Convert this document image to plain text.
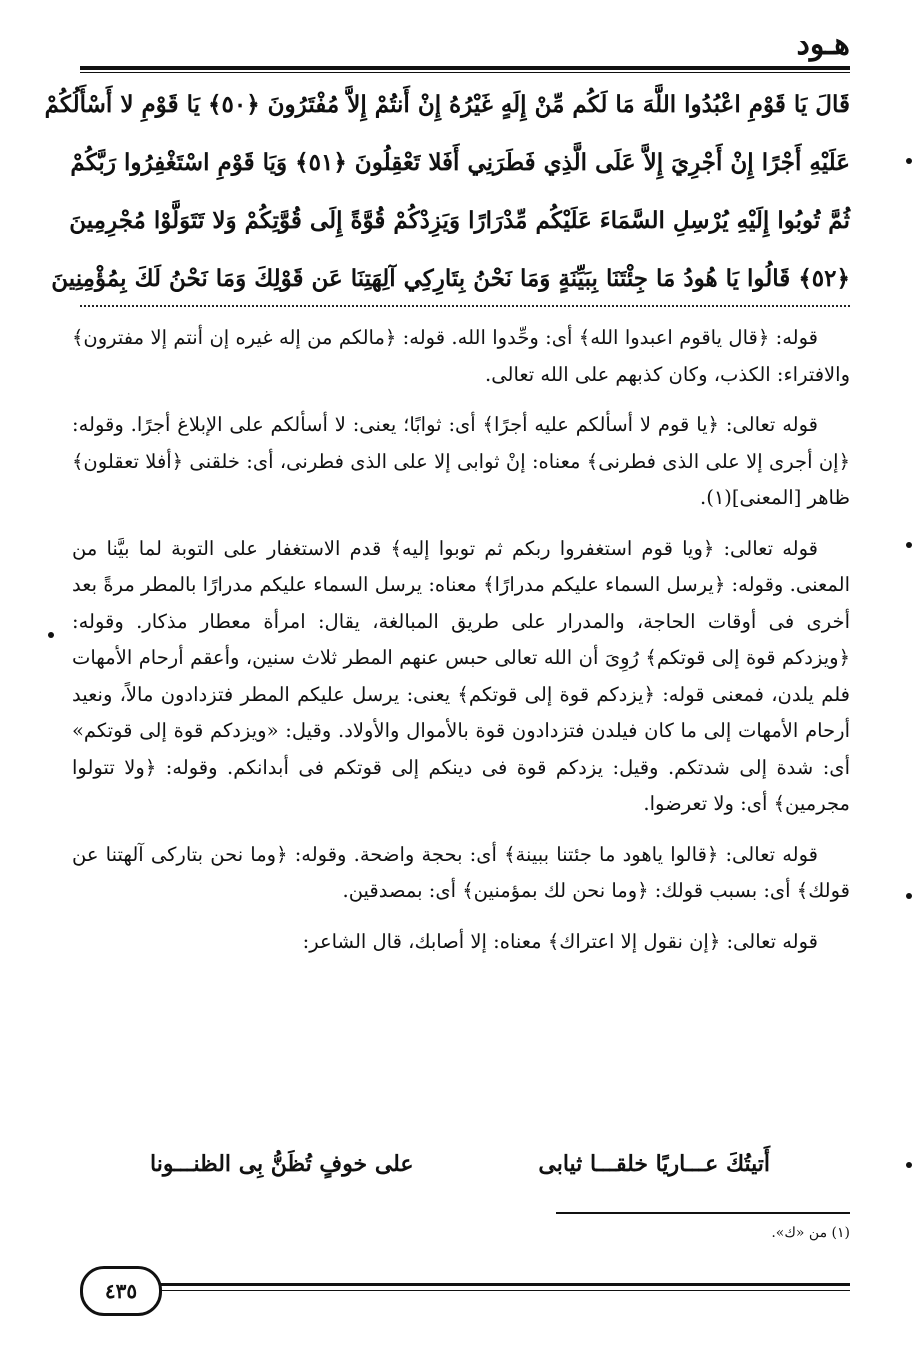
هـود
قَالَ يَا قَوْمِ اعْبُدُوا اللَّهَ مَا لَكُم مِّنْ إِلَهٍ غَيْرُهُ إِنْ أَنتُمْ إِلاَّ مُفْتَرُونَ ﴿٥٠﴾ يَا قَوْمِ لا أَسْأَلُكُمْ
عَلَيْهِ أَجْرًا إِنْ أَجْرِيَ إِلاَّ عَلَى الَّذِي فَطَرَنِي أَفَلا تَعْقِلُونَ ﴿٥١﴾ وَيَا قَوْمِ اسْتَغْفِرُوا رَبَّكُمْ
ثُمَّ تُوبُوا إِلَيْهِ يُرْسِلِ السَّمَاءَ عَلَيْكُم مِّدْرَارًا وَيَزِدْكُمْ قُوَّةً إِلَى قُوَّتِكُمْ وَلا تَتَوَلَّوْا مُجْرِمِينَ
﴿٥٢﴾ قَالُوا يَا هُودُ مَا جِئْتَنَا بِبَيِّنَةٍ وَمَا نَحْنُ بِتَارِكِي آلِهَتِنَا عَن قَوْلِكَ وَمَا نَحْنُ لَكَ بِمُؤْمِنِينَ

قوله: ﴿قال ياقوم اعبدوا الله﴾ أى: وحِّدوا الله. قوله: ﴿مالكم من إله غيره إن أنتم إلا مفترون﴾ والافتراء: الكذب، وكان كذبهم على الله تعالى.

قوله تعالى: ﴿يا قوم لا أسألكم عليه أجرًا﴾ أى: ثوابًا؛ يعنى: لا أسألكم على الإبلاغ أجرًا. وقوله: ﴿إن أجرى إلا على الذى فطرنى﴾ معناه: إنْ ثوابى إلا على الذى فطرنى، أى: خلقنى ﴿أفلا تعقلون﴾ ظاهر [المعنى](١).

قوله تعالى: ﴿ويا قوم استغفروا ربكم ثم توبوا إليه﴾ قدم الاستغفار على التوبة لما بيَّنا من المعنى. وقوله: ﴿يرسل السماء عليكم مدرارًا﴾ معناه: يرسل السماء عليكم مدرارًا بالمطر مرةً بعد أخرى فى أوقات الحاجة، والمدرار على طريق المبالغة، يقال: امرأة معطار مذكار. وقوله: ﴿ويزدكم قوة إلى قوتكم﴾ رُوِىَ أن الله تعالى حبس عنهم المطر ثلاث سنين، وأعقم أرحام الأمهات فلم يلدن، فمعنى قوله: ﴿يزدكم قوة إلى قوتكم﴾ يعنى: يرسل عليكم المطر فتزدادون مالاً، ونعيد أرحام الأمهات إلى ما كان فيلدن فتزدادون قوة بالأموال والأولاد. وقيل: «ويزدكم قوة إلى قوتكم» أى: شدة إلى شدتكم. وقيل: يزدكم قوة فى دينكم إلى قوتكم فى أبدانكم. وقوله: ﴿ولا تتولوا مجرمين﴾ أى: ولا تعرضوا.

قوله تعالى: ﴿قالوا ياهود ما جئتنا ببينة﴾ أى: بحجة واضحة. وقوله: ﴿وما نحن بتاركى آلهتنا عن قولك﴾ أى: بسبب قولك: ﴿وما نحن لك بمؤمنين﴾ أى: بمصدقين.

قوله تعالى: ﴿إن نقول إلا اعتراك﴾ معناه: إلا أصابك، قال الشاعر:

أَتيتُكَ عـــاريًا خلقـــا ثيابى
على خوفٍ تُظَنُّ بِى الظنـــونا
(١) من «ك».
٤٣٥
